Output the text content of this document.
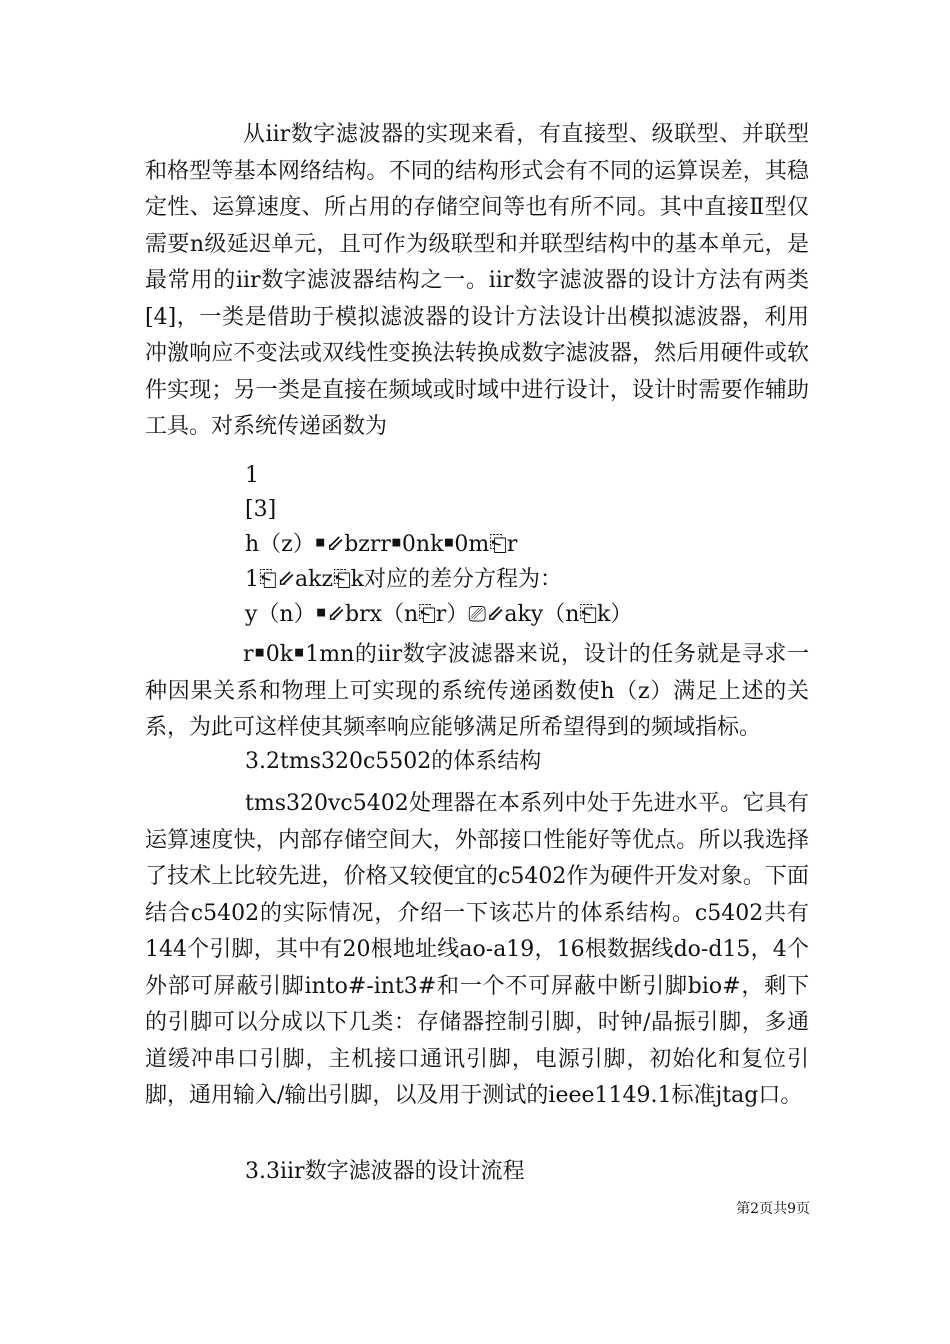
从iir数字滤波器的实现来看，有直接型、级联型、并联型和格型等基本网络结构。不同的结构形式会有不同的运算误差，其稳定性、运算速度、所占用的存储空间等也有所不同。其中直接Ⅱ型仅需要n级延迟单元，且可作为级联型和并联型结构中的基本单元，是最常用的iir数字滤波器结构之一。iir数字滤波器的设计方法有两类[4]，一类是借助于模拟滤波器的设计方法设计出模拟滤波器，利用冲激响应不变法或双线性变换法转换成数字滤波器，然后用硬件或软件实现；另一类是直接在频域或时域中进行设计，设计时需要作辅助工具。对系统传递函数为

1

[3]

h（z）￭⇙bzrr￭0nk￭0m⎗r

1⎗⇙akz⎗k对应的差分方程为：

y（n）￭⇙brx（n⎗r）⎚⇙aky（n⎗k）

r￭0k￭1mn的iir数字波滤器来说，设计的任务就是寻求一种因果关系和物理上可实现的系统传递函数使h（z）满足上述的关系，为此可这样使其频率响应能够满足所希望得到的频域指标。

3.2tms320c5502的体系结构

tms320vc5402处理器在本系列中处于先进水平。它具有运算速度快，内部存储空间大，外部接口性能好等优点。所以我选择了技术上比较先进，价格又较便宜的c5402作为硬件开发对象。下面结合c5402的实际情况，介绍一下该芯片的体系结构。c5402共有144个引脚，其中有20根地址线ao-a19，16根数据线do-d15，4个外部可屏蔽引脚into#-int3#和一个不可屏蔽中断引脚bio#，剩下的引脚可以分成以下几类：存储器控制引脚，时钟/晶振引脚，多通道缓冲串口引脚，主机接口通讯引脚，电源引脚，初始化和复位引脚，通用输入/输出引脚，以及用于测试的ieee1149.1标准jtag口。

3.3iir数字滤波器的设计流程

第2页共9页
